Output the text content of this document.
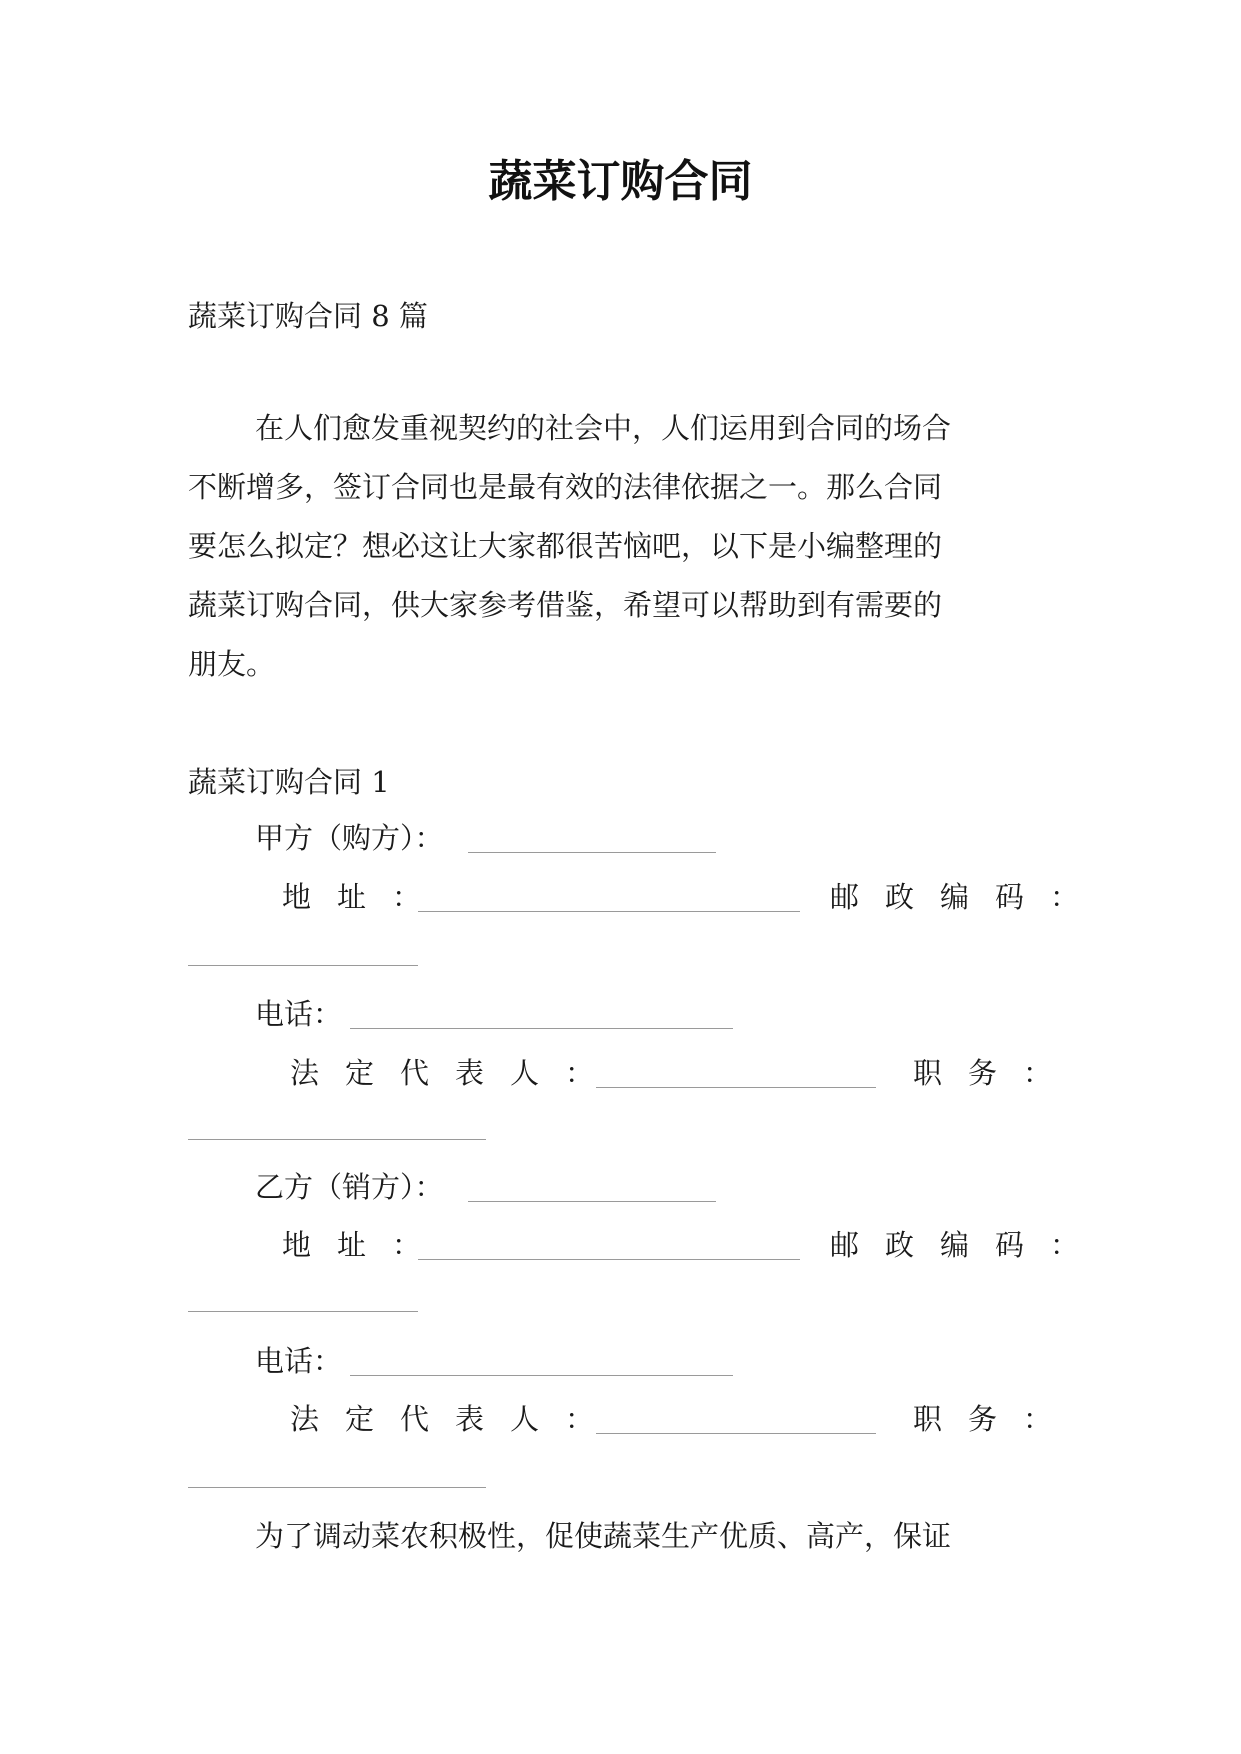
蔬菜订购合同
蔬菜订购合同 8 篇
在人们愈发重视契约的社会中，人们运用到合同的场合
不断增多，签订合同也是最有效的法律依据之一。那么合同
要怎么拟定？想必这让大家都很苦恼吧，以下是小编整理的
蔬菜订购合同，供大家参考借鉴，希望可以帮助到有需要的
朋友。
蔬菜订购合同 1
甲方（购方）：
地址：	邮政编码：
电话：
法定代表人：	职务：
乙方（销方）：
地址：	邮政编码：
电话：
法定代表人：	职务：
为了调动菜农积极性，促使蔬菜生产优质、高产，保证
